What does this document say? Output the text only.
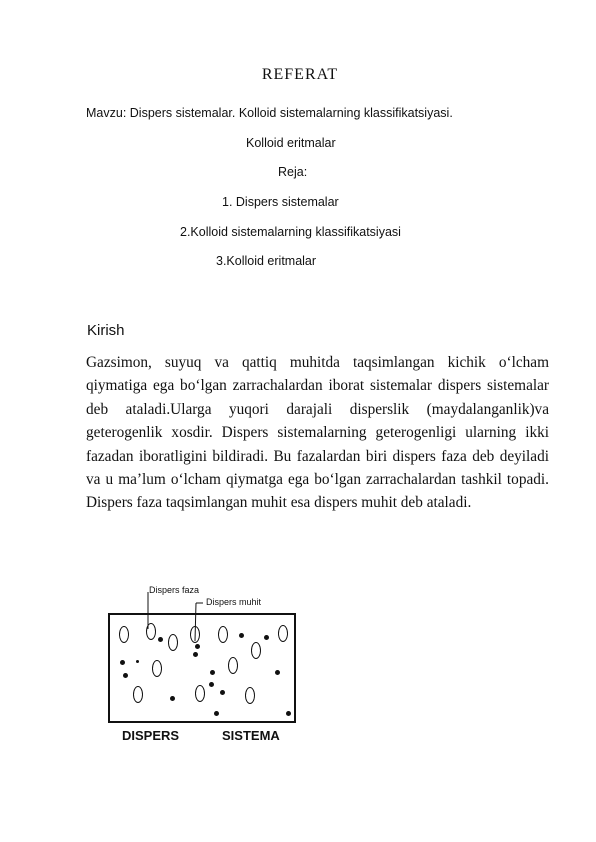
REFERAT
Mavzu: Dispers sistemalar. Kolloid sistemalarning klassifikatsiyasi.
Kolloid eritmalar
Reja:
1. Dispers sistemalar
2.Kolloid sistemalarning klassifikatsiyasi
3.Kolloid eritmalar
Kirish
Gazsimon, suyuq va qattiq muhitda taqsimlangan kichik o‘lcham qiymatiga ega bo‘lgan zarrachalardan iborat sistemalar dispers sistemalar deb ataladi.Ularga yuqori darajali disperslik (maydalanganlik)va geterogenlik xosdir. Dispers sistemalarning geterogenligi ularning ikki fazadan iboratligini bildiradi. Bu fazalardan biri dispers faza deb deyiladi va u ma’lum o‘lcham qiymatga ega bo‘lgan zarrachalardan tashkil topadi. Dispers faza taqsimlangan muhit esa dispers muhit deb ataladi.
Dispers faza
Dispers muhit
DISPERS	SISTEMA
